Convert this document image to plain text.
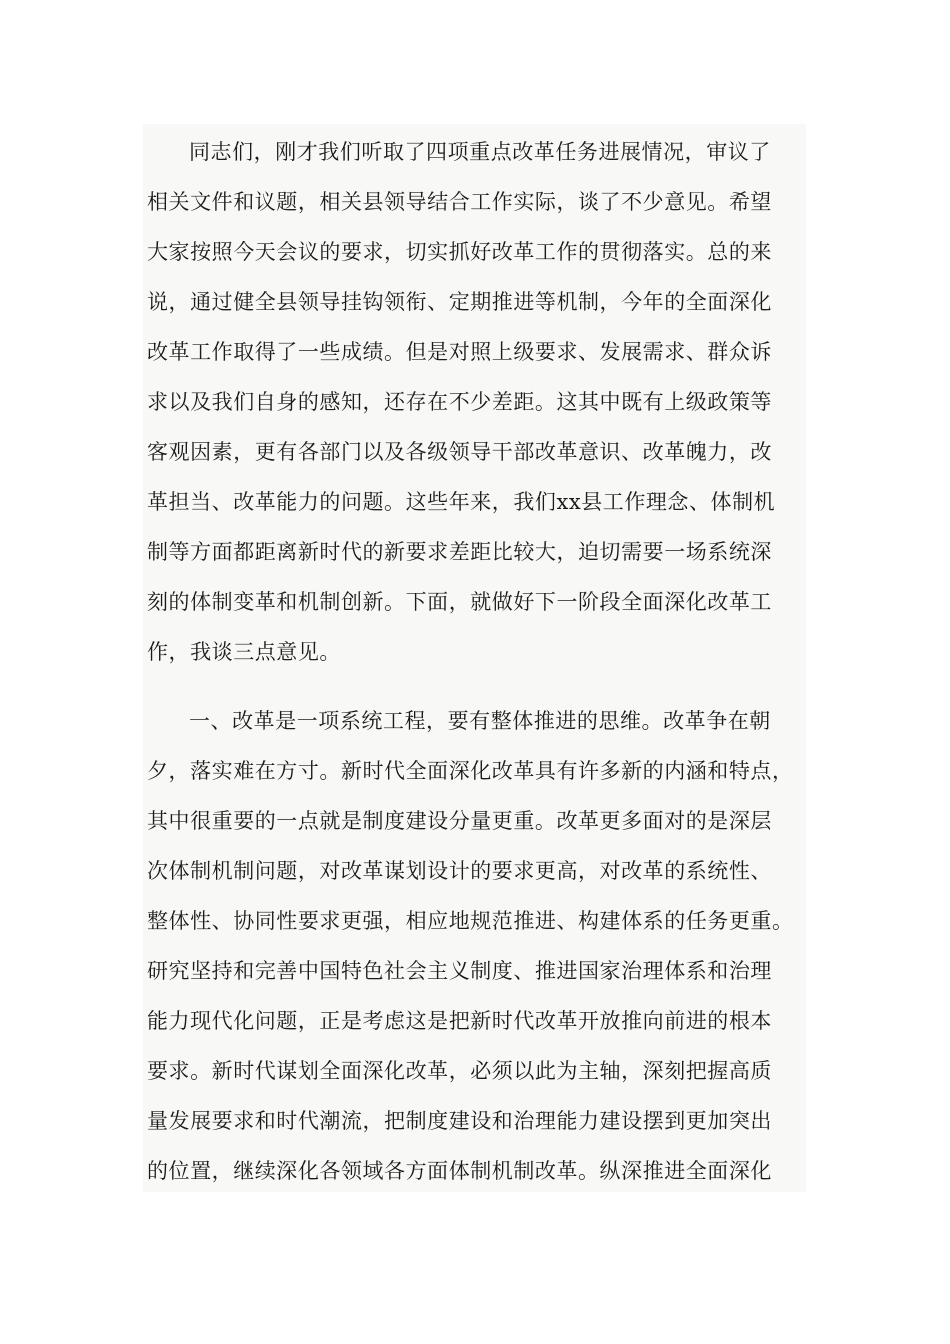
同志们，刚才我们听取了四项重点改革任务进展情况，审议了
相关文件和议题，相关县领导结合工作实际，谈了不少意见。希望
大家按照今天会议的要求，切实抓好改革工作的贯彻落实。总的来
说，通过健全县领导挂钩领衔、定期推进等机制，今年的全面深化
改革工作取得了一些成绩。但是对照上级要求、发展需求、群众诉
求以及我们自身的感知，还存在不少差距。这其中既有上级政策等
客观因素，更有各部门以及各级领导干部改革意识、改革魄力，改
革担当、改革能力的问题。这些年来，我们xx县工作理念、体制机
制等方面都距离新时代的新要求差距比较大，迫切需要一场系统深
刻的体制变革和机制创新。下面，就做好下一阶段全面深化改革工
作，我谈三点意见。
一、改革是一项系统工程，要有整体推进的思维。改革争在朝
夕，落实难在方寸。新时代全面深化改革具有许多新的内涵和特点，
其中很重要的一点就是制度建设分量更重。改革更多面对的是深层
次体制机制问题，对改革谋划设计的要求更高，对改革的系统性、
整体性、协同性要求更强，相应地规范推进、构建体系的任务更重。
研究坚持和完善中国特色社会主义制度、推进国家治理体系和治理
能力现代化问题，正是考虑这是把新时代改革开放推向前进的根本
要求。新时代谋划全面深化改革，必须以此为主轴，深刻把握高质
量发展要求和时代潮流，把制度建设和治理能力建设摆到更加突出
的位置，继续深化各领域各方面体制机制改革。纵深推进全面深化
